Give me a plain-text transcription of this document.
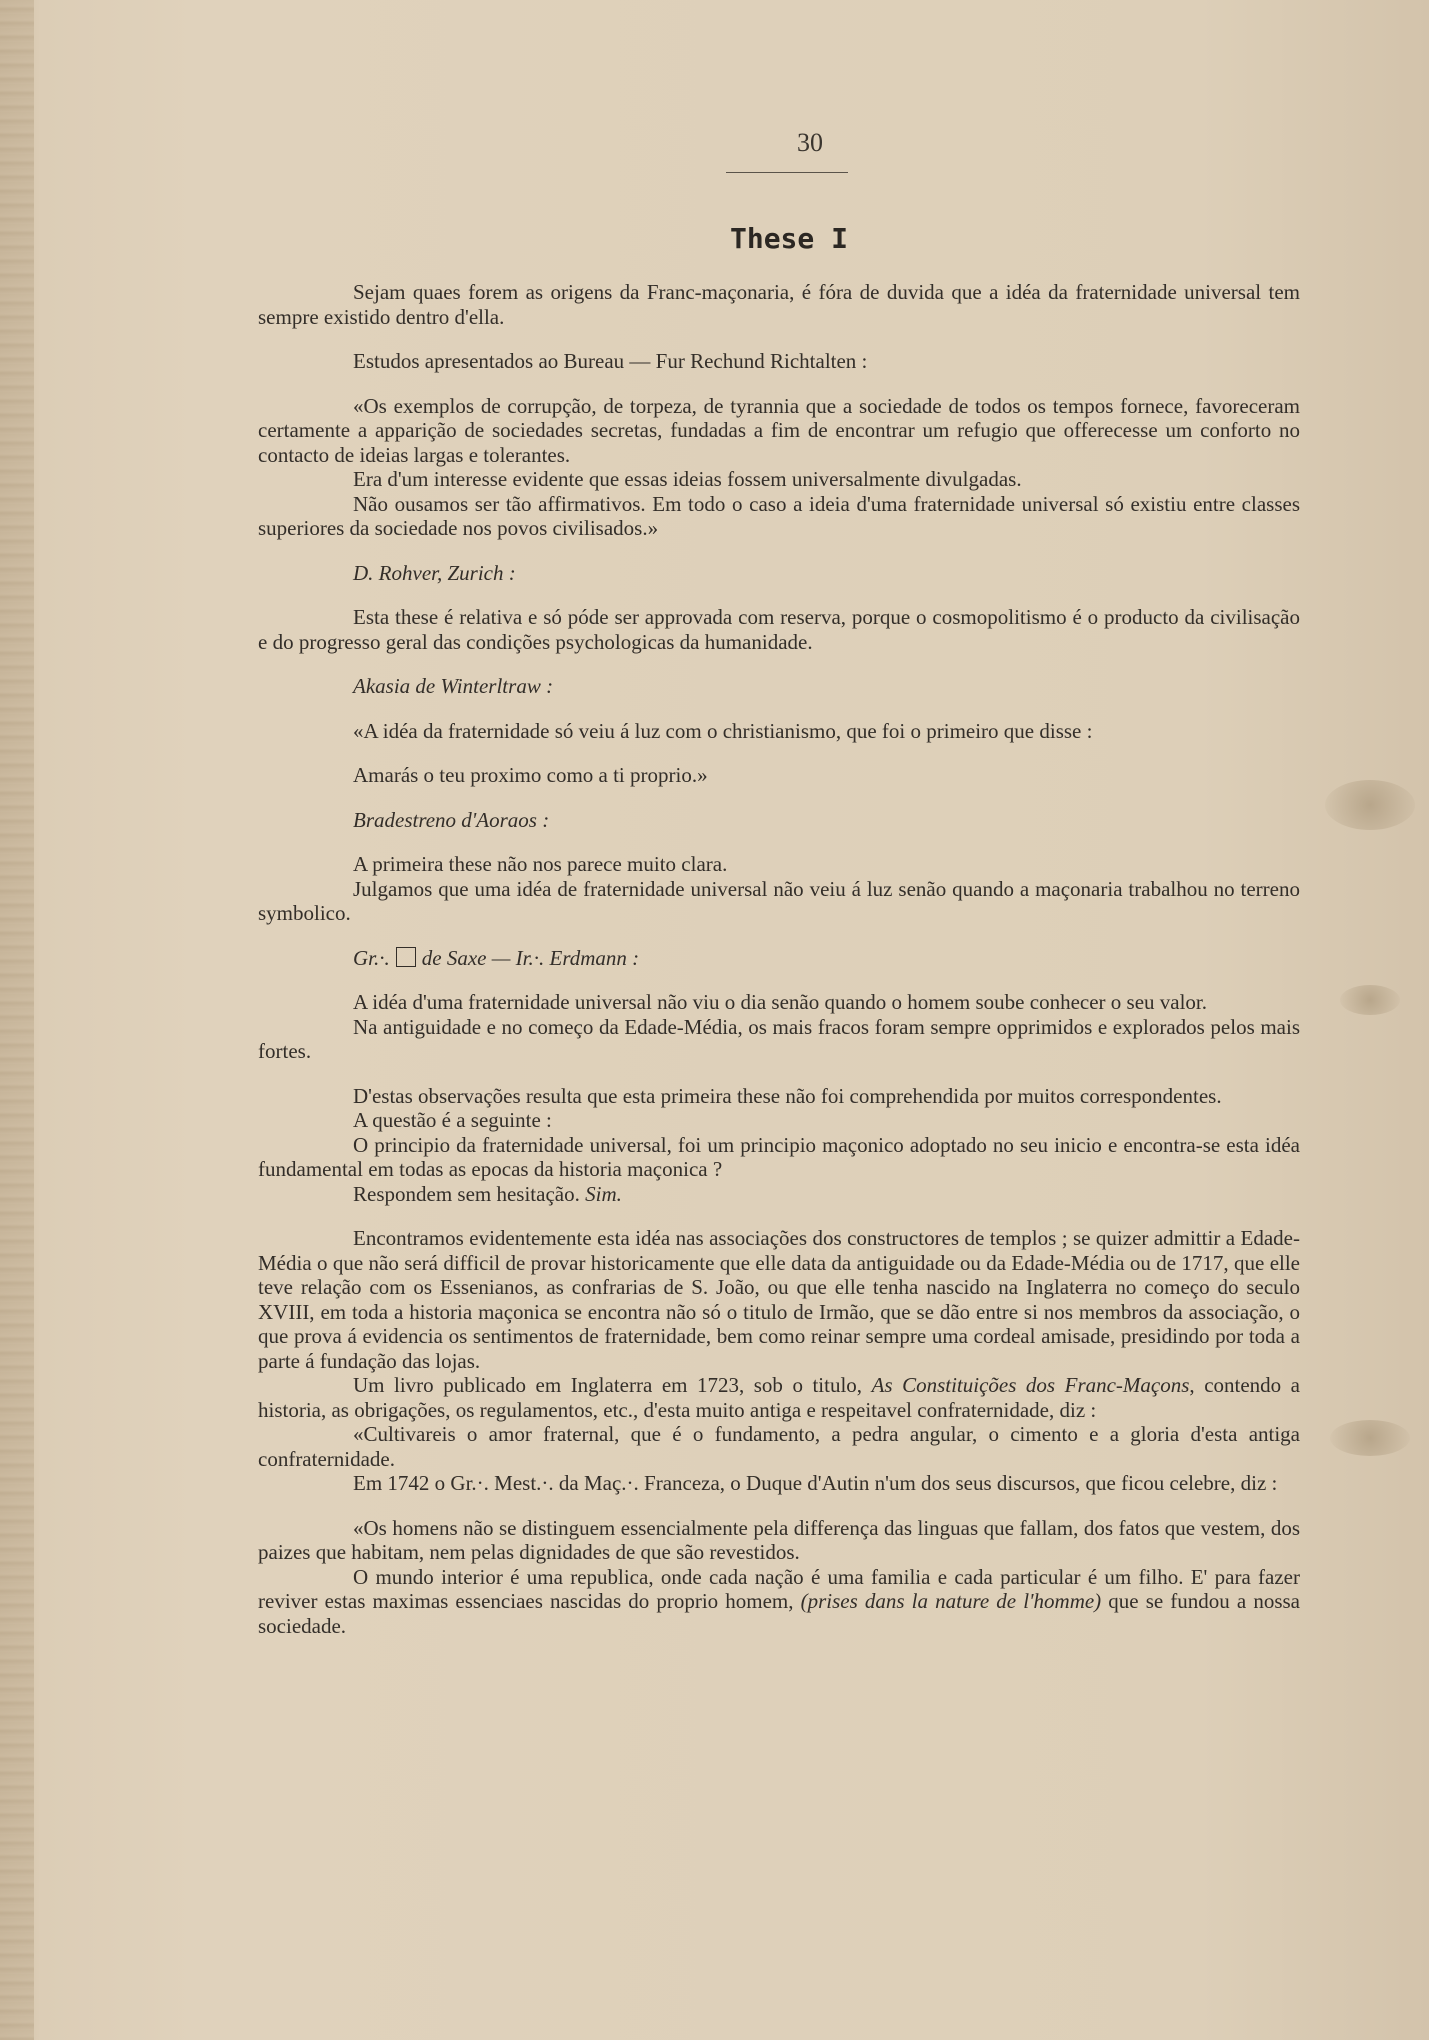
30
These I

Sejam quaes forem as origens da Franc-maçonaria, é fóra de duvida que a idéa da fraternidade universal tem sempre existido dentro d'ella.

Estudos apresentados ao Bureau — Fur Rechund Richtalten :

«Os exemplos de corrupção, de torpeza, de tyrannia que a sociedade de todos os tempos fornece, favoreceram certamente a apparição de sociedades secretas, fundadas a fim de encontrar um refugio que offerecesse um conforto no contacto de ideias largas e tolerantes.

Era d'um interesse evidente que essas ideias fossem universalmente divulgadas.

Não ousamos ser tão affirmativos. Em todo o caso a ideia d'uma fraternidade universal só existiu entre classes superiores da sociedade nos povos civilisados.»

D. Rohver, Zurich :

Esta these é relativa e só póde ser approvada com reserva, porque o cosmopolitismo é o producto da civilisação e do progresso geral das condições psychologicas da humanidade.

Akasia de Winterltraw :

«A idéa da fraternidade só veiu á luz com o christianismo, que foi o primeiro que disse :

Amarás o teu proximo como a ti proprio.»

Bradestreno d'Aoraos :

A primeira these não nos parece muito clara.

Julgamos que uma idéa de fraternidade universal não veiu á luz senão quando a maçonaria trabalhou no terreno symbolico.

Gr.·. de Saxe — Ir.·. Erdmann :

A idéa d'uma fraternidade universal não viu o dia senão quando o homem soube conhecer o seu valor.

Na antiguidade e no começo da Edade-Média, os mais fracos foram sempre opprimidos e explorados pelos mais fortes.

D'estas observações resulta que esta primeira these não foi comprehendida por muitos correspondentes.

A questão é a seguinte :

O principio da fraternidade universal, foi um principio maçonico adoptado no seu inicio e encontra-se esta idéa fundamental em todas as epocas da historia maçonica ?

Respondem sem hesitação. Sim.

Encontramos evidentemente esta idéa nas associações dos constructores de templos ; se quizer admittir a Edade-Média o que não será difficil de provar historicamente que elle data da antiguidade ou da Edade-Média ou de 1717, que elle teve relação com os Essenianos, as confrarias de S. João, ou que elle tenha nascido na Inglaterra no começo do seculo XVIII, em toda a historia maçonica se encontra não só o titulo de Irmão, que se dão entre si nos membros da associação, o que prova á evidencia os sentimentos de fraternidade, bem como reinar sempre uma cordeal amisade, presidindo por toda a parte á fundação das lojas.

Um livro publicado em Inglaterra em 1723, sob o titulo, As Constituições dos Franc-Maçons, contendo a historia, as obrigações, os regulamentos, etc., d'esta muito antiga e respeitavel confraternidade, diz :

«Cultivareis o amor fraternal, que é o fundamento, a pedra angular, o cimento e a gloria d'esta antiga confraternidade.

Em 1742 o Gr.·. Mest.·. da Maç.·. Franceza, o Duque d'Autin n'um dos seus discursos, que ficou celebre, diz :

«Os homens não se distinguem essencialmente pela differença das linguas que fallam, dos fatos que vestem, dos paizes que habitam, nem pelas dignidades de que são revestidos.

O mundo interior é uma republica, onde cada nação é uma familia e cada particular é um filho. E' para fazer reviver estas maximas essenciaes nascidas do proprio homem, (prises dans la nature de l'homme) que se fundou a nossa sociedade.
